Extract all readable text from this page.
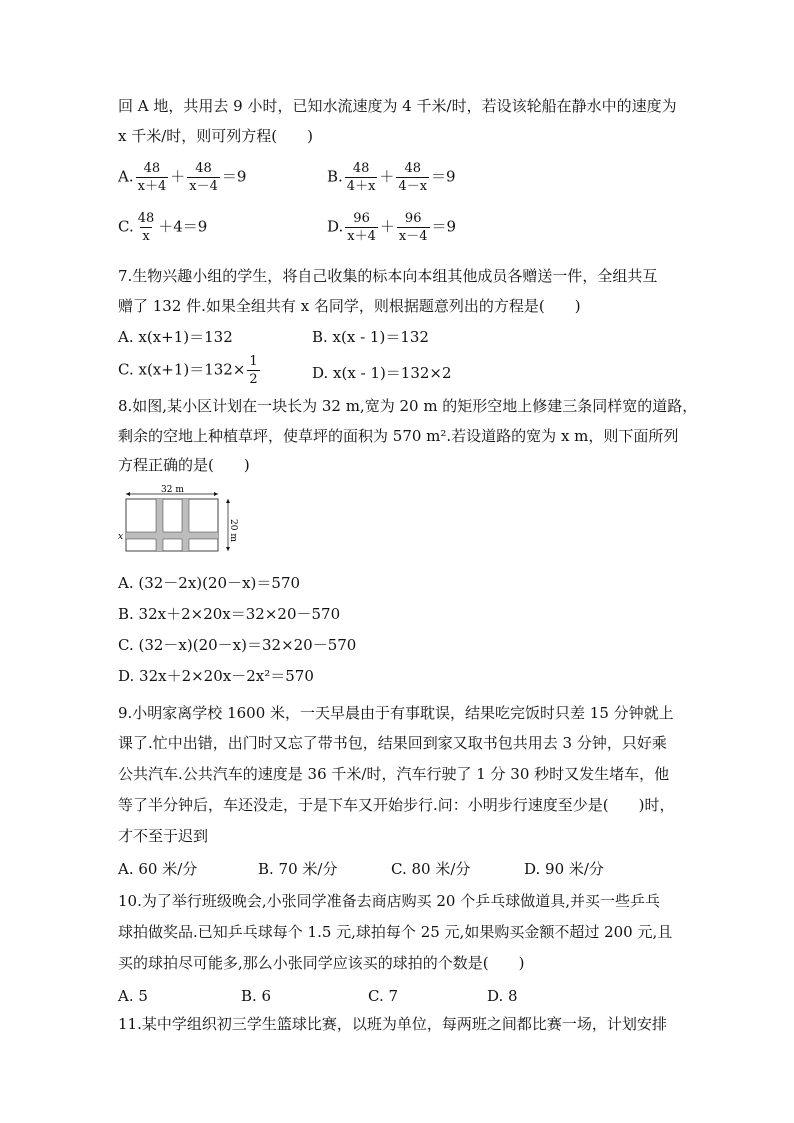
回 A 地，共用去 9 小时，已知水流速度为 4 千米/时，若设该轮船在静水中的速度为
x 千米/时，则可列方程(　　)
A. $\frac{48}{x+4} + \frac{48}{x-4} =9$	B. $\frac{48}{4+x} + \frac{48}{4-x} =9$
C. $\frac{48}{x} +4=9$	D. $\frac{96}{x+4} + \frac{96}{x-4} =9$
7.生物兴趣小组的学生，将自己收集的标本向本组其他成员各赠送一件，全组共互
赠了 132 件.如果全组共有 x 名同学，则根据题意列出的方程是(　　)
A. x(x+1)＝132	B. x(x - 1)＝132
C. $x(x+1)=132\times \frac{1}{2}$	D. x(x - 1)＝132×2
8.如图,某小区计划在一块长为 32 m,宽为 20 m 的矩形空地上修建三条同样宽的道路，
剩余的空地上种植草坪，使草坪的面积为 570 m².若设道路的宽为 x m，则下面所列
方程正确的是(　　)
32 m
20 m
x
A. (32－2x)(20－x)＝570
B. 32x＋2×20x＝32×20－570
C. (32－x)(20－x)＝32×20－570
D. 32x＋2×20x－2x²＝570
9.小明家离学校 1600 米，一天早晨由于有事耽误，结果吃完饭时只差 15 分钟就上
课了.忙中出错，出门时又忘了带书包，结果回到家又取书包共用去 3 分钟，只好乘
公共汽车.公共汽车的速度是 36 千米/时，汽车行驶了 1 分 30 秒时又发生堵车，他
等了半分钟后，车还没走，于是下车又开始步行.问：小明步行速度至少是(　　)时，
才不至于迟到
A. 60 米/分	B. 70 米/分	C. 80 米/分	D. 90 米/分
10.为了举行班级晚会,小张同学准备去商店购买 20 个乒乓球做道具,并买一些乒乓
球拍做奖品.已知乒乓球每个 1.5 元,球拍每个 25 元,如果购买金额不超过 200 元,且
买的球拍尽可能多,那么小张同学应该买的球拍的个数是(　　)
A. 5	B. 6	C. 7	D. 8
11.某中学组织初三学生篮球比赛，以班为单位，每两班之间都比赛一场，计划安排
